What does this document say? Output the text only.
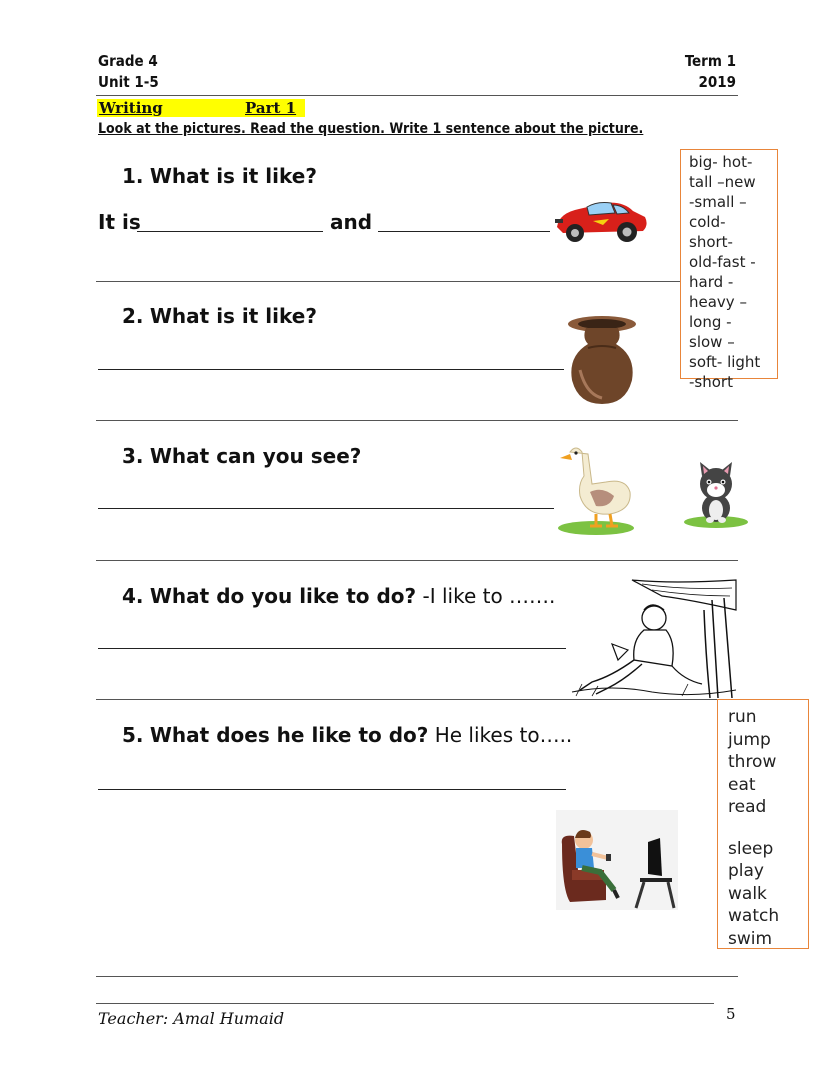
Grade 4
Unit 1-5
Term 1
2019
Writing	Part 1
Look at the pictures. Read the question. Write 1 sentence about the picture.
1. What is it like?
It is	and
big- hot-
tall –new
-small –
cold-
short-
old-fast -
hard -
heavy –
long -
slow –
soft- light
-short
2. What is it like?
3. What can you see?
4. What do you like to do? -I like to …….
run
jump
throw
eat
read
sleep
play
walk
watch
swim
5. What does he like to do? He likes to…..
Teacher: Amal Humaid	5
